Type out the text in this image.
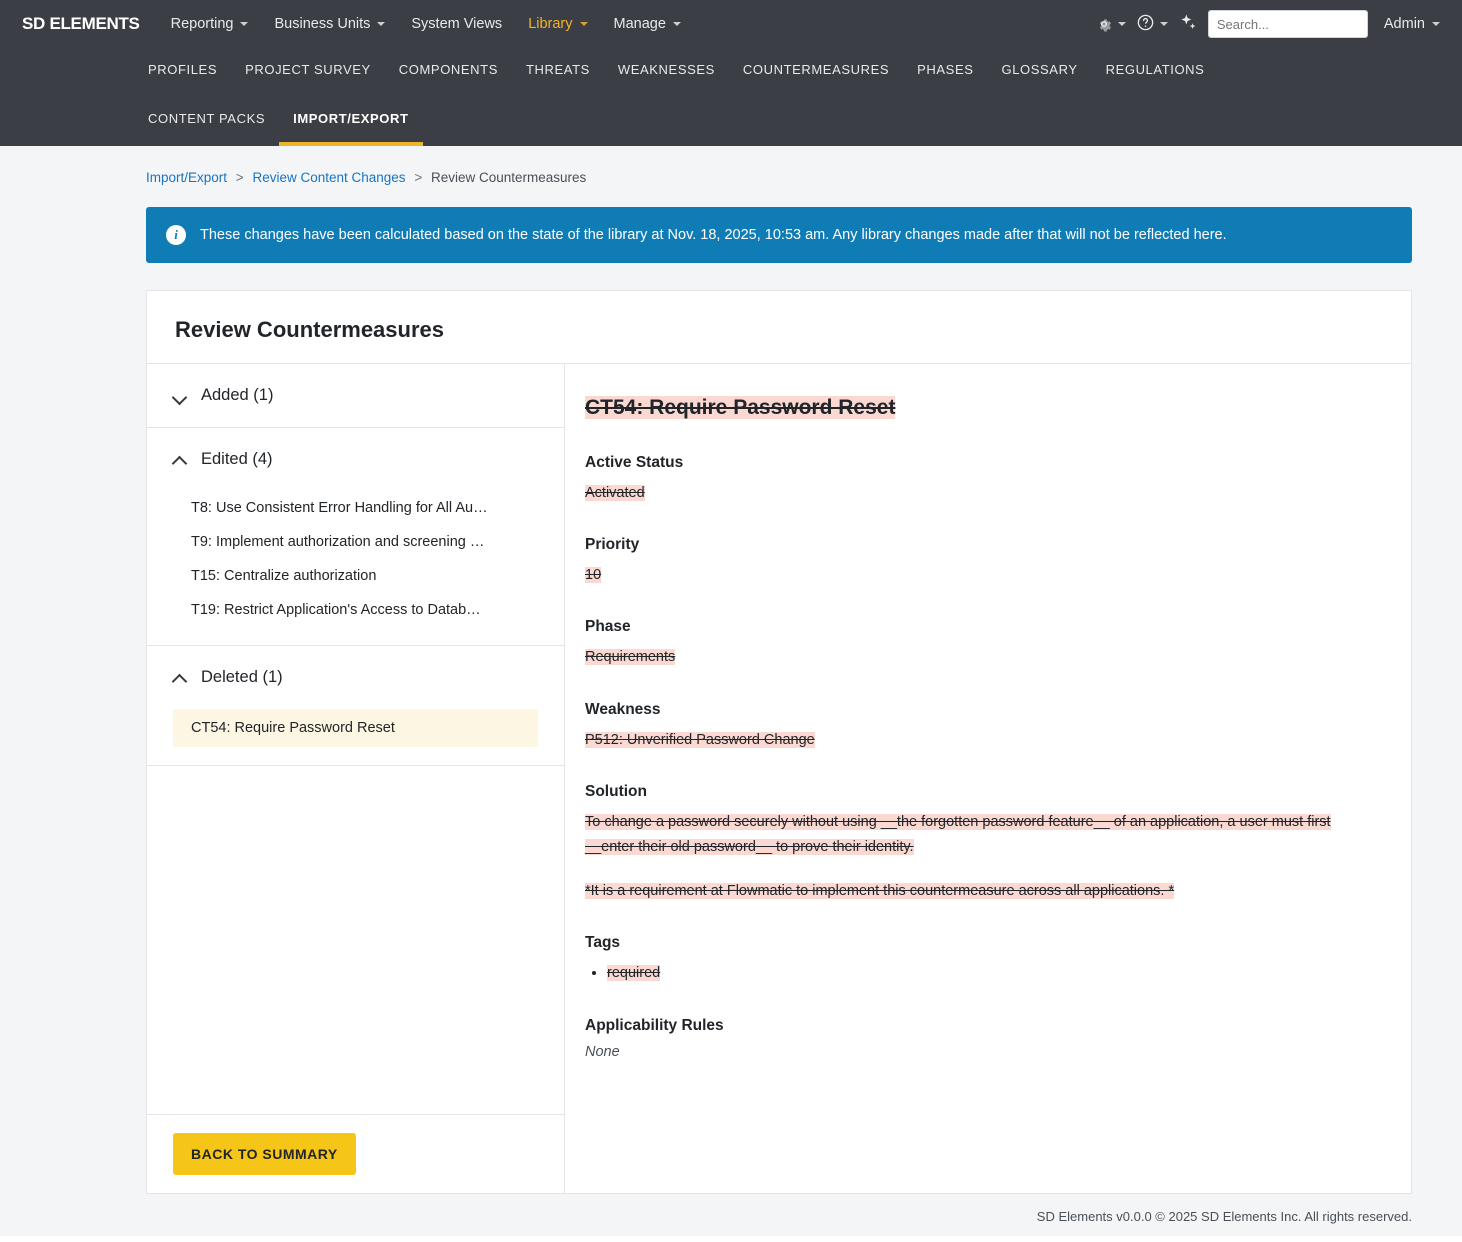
SD ELEMENTS	Reporting	Business Units	System Views Library	Manage
Search...	Admin
PROFILES	PROJECT SURVEY	COMPONENTS	THREATS	WEAKNESSES	COUNTERMEASURES	PHASES	GLOSSARY	REGULATIONS
CONTENT PACKS	IMPORT/EXPORT
Import/Export > Review Content Changes > Review Countermeasures
i	These changes have been calculated based on the state of the library at Nov. 18, 2025, 10:53 am. Any library changes made after that will not be reflected here.
Review Countermeasures
Added (1)
Edited (4)
T8: Use Consistent Error Handling for All Au…
T9: Implement authorization and screening …
T15: Centralize authorization
T19: Restrict Application's Access to Datab…
Deleted (1)
CT54: Require Password Reset
BACK TO SUMMARY
CT54: Require Password Reset
Active Status
Activated
Priority
10
Phase
Requirements
Weakness
P512: Unverified Password Change
Solution

To change a password securely without using __the forgotten password feature__ of an application, a user must first __enter their old password__ to prove their identity.

*It is a requirement at Flowmatic to implement this countermeasure across all applications. *

Tags
• required
Applicability Rules
None
SD Elements v0.0.0 © 2025 SD Elements Inc. All rights reserved.
